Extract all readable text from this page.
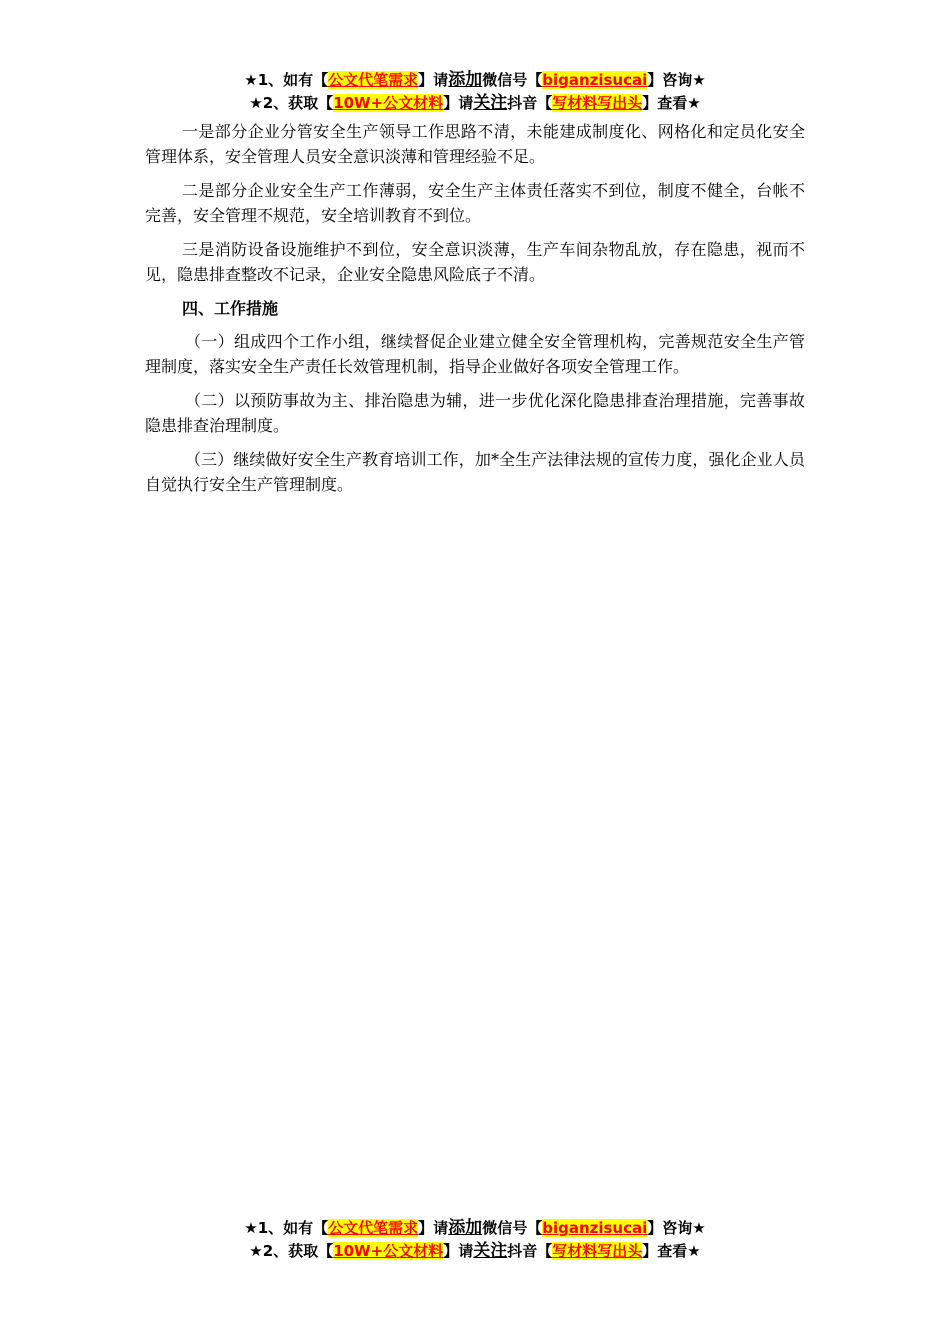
★1、如有【公文代笔需求】请添加微信号【biganzisucai】咨询★
★2、获取【10W+公文材料】请关注抖音【写材料写出头】查看★

一是部分企业分管安全生产领导工作思路不清，未能建成制度化、网格化和定员化安全管理体系，安全管理人员安全意识淡薄和管理经验不足。

二是部分企业安全生产工作薄弱，安全生产主体责任落实不到位，制度不健全，台帐不完善，安全管理不规范，安全培训教育不到位。

三是消防设备设施维护不到位，安全意识淡薄，生产车间杂物乱放，存在隐患，视而不见，隐患排查整改不记录，企业安全隐患风险底子不清。

四、工作措施

（一）组成四个工作小组，继续督促企业建立健全安全管理机构，完善规范安全生产管理制度，落实安全生产责任长效管理机制，指导企业做好各项安全管理工作。

（二）以预防事故为主、排治隐患为辅，进一步优化深化隐患排查治理措施，完善事故隐患排查治理制度。

（三）继续做好安全生产教育培训工作，加*全生产法律法规的宣传力度，强化企业人员自觉执行安全生产管理制度。

★1、如有【公文代笔需求】请添加微信号【biganzisucai】咨询★
★2、获取【10W+公文材料】请关注抖音【写材料写出头】查看★
